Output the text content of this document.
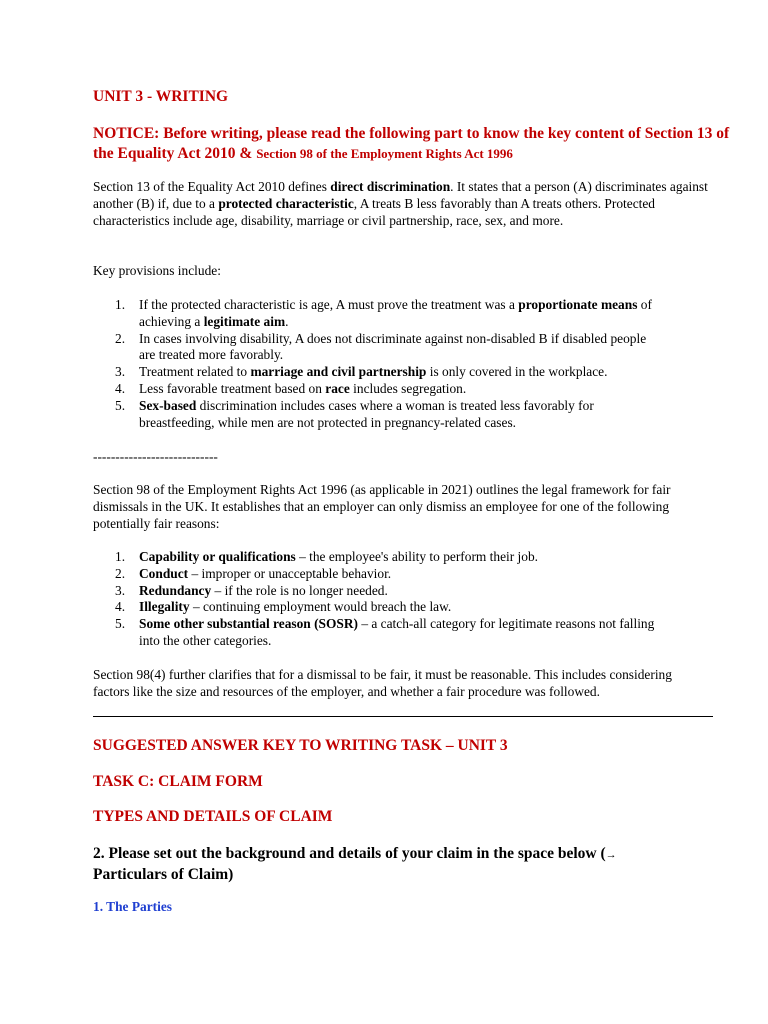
UNIT 3 - WRITING

NOTICE: Before writing, please read the following part to know the key content of Section 13 of the Equality Act 2010 & Section 98 of the Employment Rights Act 1996

Section 13 of the Equality Act 2010 defines direct discrimination. It states that a person (A) discriminates against another (B) if, due to a protected characteristic, A treats B less favorably than A treats others. Protected characteristics include age, disability, marriage or civil partnership, race, sex, and more.

Key provisions include:

1. If the protected characteristic is age, A must prove the treatment was a proportionate means of achieving a legitimate aim.
2. In cases involving disability, A does not discriminate against non-disabled B if disabled people are treated more favorably.
3. Treatment related to marriage and civil partnership is only covered in the workplace.
4. Less favorable treatment based on race includes segregation.
5. Sex-based discrimination includes cases where a woman is treated less favorably for breastfeeding, while men are not protected in pregnancy-related cases.

----------------------------

Section 98 of the Employment Rights Act 1996 (as applicable in 2021) outlines the legal framework for fair dismissals in the UK. It establishes that an employer can only dismiss an employee for one of the following potentially fair reasons:

1. Capability or qualifications – the employee's ability to perform their job.
2. Conduct – improper or unacceptable behavior.
3. Redundancy – if the role is no longer needed.
4. Illegality – continuing employment would breach the law.
5. Some other substantial reason (SOSR) – a catch-all category for legitimate reasons not falling into the other categories.

Section 98(4) further clarifies that for a dismissal to be fair, it must be reasonable. This includes considering factors like the size and resources of the employer, and whether a fair procedure was followed.

SUGGESTED ANSWER KEY TO WRITING TASK – UNIT 3

TASK C: CLAIM FORM

TYPES AND DETAILS OF CLAIM

2. Please set out the background and details of your claim in the space below (→
Particulars of Claim)

1. The Parties
